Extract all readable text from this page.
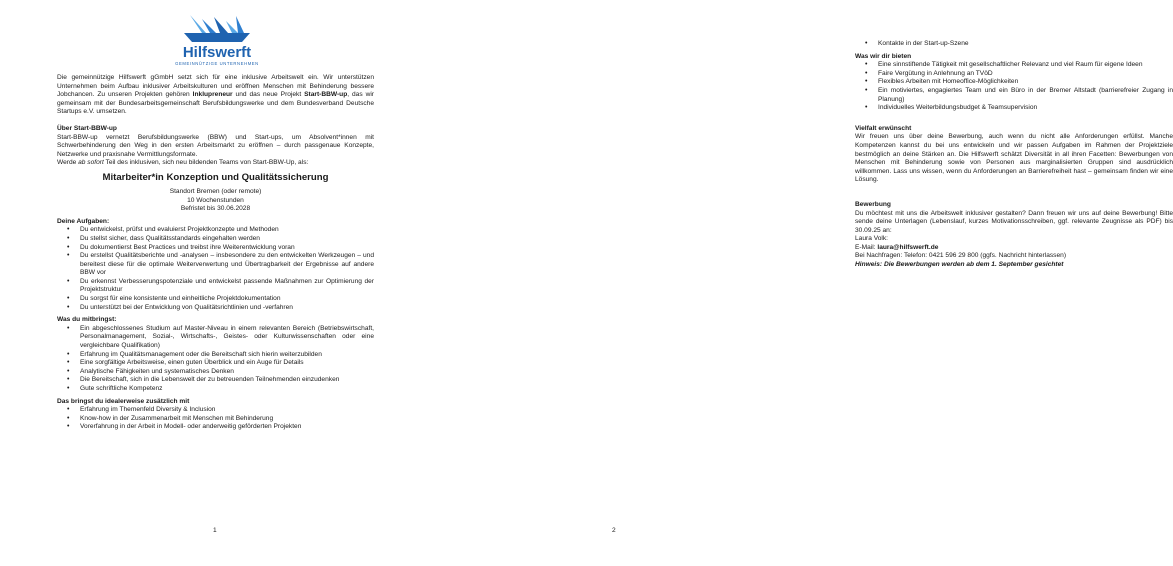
Hilfswerft
GEMEINNÜTZIGE UNTERNEHMEN

Die gemeinnützige Hilfswerft gGmbH setzt sich für eine inklusive Arbeitswelt ein. Wir unterstützen Unternehmen beim Aufbau inklusiver Arbeitskulturen und eröffnen Menschen mit Behinderung bessere Jobchancen. Zu unseren Projekten gehören Inklupreneur und das neue Projekt Start-BBW-up, das wir gemeinsam mit der Bundesarbeitsgemeinschaft Berufsbildungswerke und dem Bundesverband Deutsche Startups e.V. umsetzen.

Über Start-BBW-up

Start-BBW-up vernetzt Berufsbildungswerke (BBW) und Start-ups, um Absolvent*innen mit Schwerbehinderung den Weg in den ersten Arbeitsmarkt zu eröffnen – durch passgenaue Konzepte, Netzwerke und praxisnahe Vermittlungsformate.

Werde ab sofort Teil des inklusiven, sich neu bildenden Teams von Start-BBW-Up, als:

Mitarbeiter*in Konzeption und Qualitätssicherung

Standort Bremen (oder remote)

10 Wochenstunden

Befristet bis 30.06.2028

Deine Aufgaben:

• Du entwickelst, prüfst und evaluierst Projektkonzepte und Methoden
• Du stellst sicher, dass Qualitätsstandards eingehalten werden
• Du dokumentierst Best Practices und treibst ihre Weiterentwicklung voran
• Du erstellst Qualitätsberichte und -analysen – insbesondere zu den entwickelten Werkzeugen – und bereitest diese für die optimale Weiterverwertung und Übertragbarkeit der Ergebnisse auf andere BBW vor
• Du erkennst Verbesserungspotenziale und entwickelst passende Maßnahmen zur Optimierung der Projektstruktur
• Du sorgst für eine konsistente und einheitliche Projektdokumentation
• Du unterstützt bei der Entwicklung von Qualitätsrichtlinien und -verfahren

Was du mitbringst:

• Ein abgeschlossenes Studium auf Master-Niveau in einem relevanten Bereich (Betriebswirtschaft, Personalmanagement, Sozial-, Wirtschafts-, Geistes- oder Kulturwissenschaften oder eine vergleichbare Qualifikation)
• Erfahrung im Qualitätsmanagement oder die Bereitschaft sich hierin weiterzubilden
• Eine sorgfältige Arbeitsweise, einen guten Überblick und ein Auge für Details
• Analytische Fähigkeiten und systematisches Denken
• Die Bereitschaft, sich in die Lebenswelt der zu betreuenden Teilnehmenden einzudenken
• Gute schriftliche Kompetenz

Das bringst du idealerweise zusätzlich mit

• Erfahrung im Themenfeld Diversity & Inclusion
• Know-how in der Zusammenarbeit mit Menschen mit Behinderung
• Vorerfahrung in der Arbeit in Modell- oder anderweitig geförderten Projekten
1
• Kontakte in der Start-up-Szene

Was wir dir bieten

• Eine sinnstiftende Tätigkeit mit gesellschaftlicher Relevanz und viel Raum für eigene Ideen
• Faire Vergütung in Anlehnung an TVöD
• Flexibles Arbeiten mit Homeoffice-Möglichkeiten
• Ein motiviertes, engagiertes Team und ein Büro in der Bremer Altstadt (barrierefreier Zugang in Planung)
• Individuelles Weiterbildungsbudget & Teamsupervision

Vielfalt erwünscht

Wir freuen uns über deine Bewerbung, auch wenn du nicht alle Anforderungen erfüllst. Manche Kompetenzen kannst du bei uns entwickeln und wir passen Aufgaben im Rahmen der Projektziele bestmöglich an deine Stärken an. Die Hilfswerft schätzt Diversität in all ihren Facetten: Bewerbungen von Menschen mit Behinderung sowie von Personen aus marginalisierten Gruppen sind ausdrücklich willkommen. Lass uns wissen, wenn du Anforderungen an Barrierefreiheit hast – gemeinsam finden wir eine Lösung.

Bewerbung

Du möchtest mit uns die Arbeitswelt inklusiver gestalten? Dann freuen wir uns auf deine Bewerbung! Bitte sende deine Unterlagen (Lebenslauf, kurzes Motivationsschreiben, ggf. relevante Zeugnisse als PDF) bis 30.09.25 an:

Laura Volk:

E-Mail: laura@hilfswerft.de

Bei Nachfragen: Telefon: 0421 596 29 800 (ggfs. Nachricht hinterlassen)

Hinweis: Die Bewerbungen werden ab dem 1. September gesichtet

2
